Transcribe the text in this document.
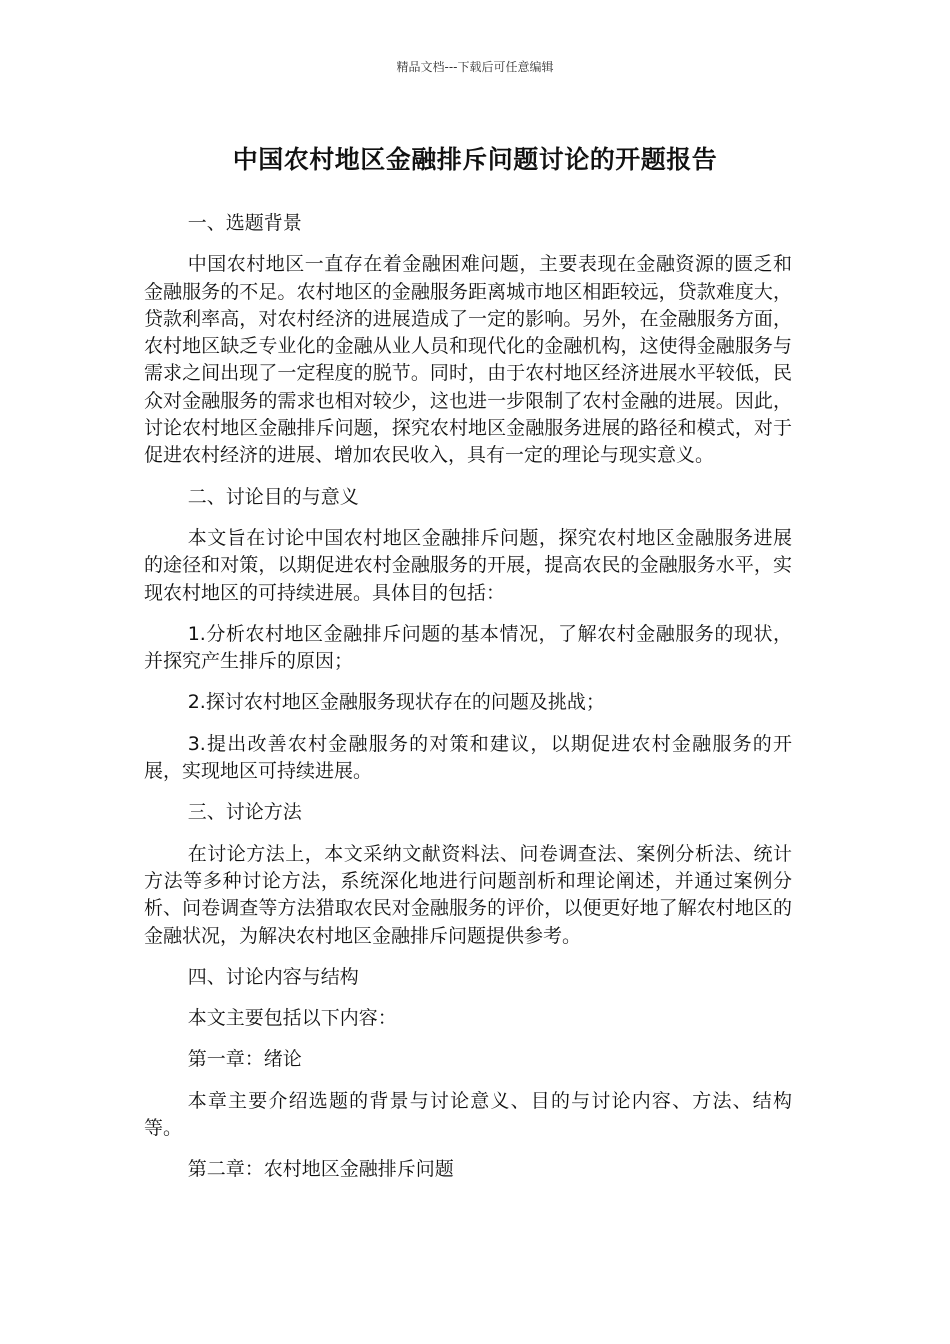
精品文档---下载后可任意编辑
中国农村地区金融排斥问题讨论的开题报告

一、选题背景

中国农村地区一直存在着金融困难问题，主要表现在金融资源的匮乏和金融服务的不足。农村地区的金融服务距离城市地区相距较远，贷款难度大，贷款利率高，对农村经济的进展造成了一定的影响。另外，在金融服务方面，农村地区缺乏专业化的金融从业人员和现代化的金融机构，这使得金融服务与需求之间出现了一定程度的脱节。同时，由于农村地区经济进展水平较低，民众对金融服务的需求也相对较少，这也进一步限制了农村金融的进展。因此，讨论农村地区金融排斥问题，探究农村地区金融服务进展的路径和模式，对于促进农村经济的进展、增加农民收入，具有一定的理论与现实意义。

二、讨论目的与意义

本文旨在讨论中国农村地区金融排斥问题，探究农村地区金融服务进展的途径和对策，以期促进农村金融服务的开展，提高农民的金融服务水平，实现农村地区的可持续进展。具体目的包括：

1.分析农村地区金融排斥问题的基本情况，了解农村金融服务的现状，并探究产生排斥的原因；

2.探讨农村地区金融服务现状存在的问题及挑战；

3.提出改善农村金融服务的对策和建议，以期促进农村金融服务的开展，实现地区可持续进展。

三、讨论方法

在讨论方法上，本文采纳文献资料法、问卷调查法、案例分析法、统计方法等多种讨论方法，系统深化地进行问题剖析和理论阐述，并通过案例分析、问卷调查等方法猎取农民对金融服务的评价，以便更好地了解农村地区的金融状况，为解决农村地区金融排斥问题提供参考。

四、讨论内容与结构

本文主要包括以下内容：

第一章：绪论

本章主要介绍选题的背景与讨论意义、目的与讨论内容、方法、结构等。

第二章：农村地区金融排斥问题
